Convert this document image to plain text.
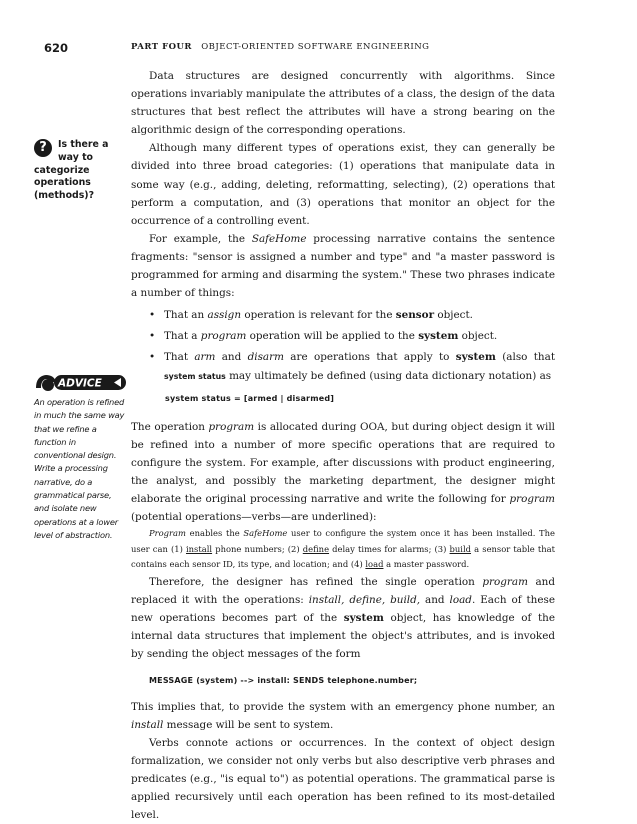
620	PART FOUR OBJECT-ORIENTED SOFTWARE ENGINEERING
?	Is there a
way to
categorize
operations
(methods)?
ADVICE
An operation is refined
in much the same way
that we refine a
function in
conventional design.
Write a processing
narrative, do a
grammatical parse,
and isolate new
operations at a lower
level of abstraction.

Data structures are designed concurrently with algorithms. Since operations invariably manipulate the attributes of a class, the design of the data structures that best reflect the attributes will have a strong bearing on the algorithmic design of the corresponding operations.

Although many different types of operations exist, they can generally be divided into three broad categories: (1) operations that manipulate data in some way (e.g., adding, deleting, reformatting, selecting), (2) operations that perform a computation, and (3) operations that monitor an object for the occurrence of a controlling event.

For example, the SafeHome processing narrative contains the sentence fragments: "sensor is assigned a number and type" and "a master password is programmed for arming and disarming the system." These two phrases indicate a number of things:

• That an assign operation is relevant for the sensor object.
• That a program operation will be applied to the system object.
• That arm and disarm are operations that apply to system (also that system status may ultimately be defined (using data dictionary notation) as
system status = [armed | disarmed]

The operation program is allocated during OOA, but during object design it will be refined into a number of more specific operations that are required to configure the system. For example, after discussions with product engineering, the analyst, and possibly the marketing department, the designer might elaborate the original processing narrative and write the following for program (potential operations—verbs—are underlined):

Program enables the SafeHome user to configure the system once it has been installed. The user can (1) install phone numbers; (2) define delay times for alarms; (3) build a sensor table that contains each sensor ID, its type, and location; and (4) load a master password.

Therefore, the designer has refined the single operation program and replaced it with the operations: install, define, build, and load. Each of these new operations becomes part of the system object, has knowledge of the internal data structures that implement the object's attributes, and is invoked by sending the object messages of the form

MESSAGE (system) --> install: SENDS telephone.number;

This implies that, to provide the system with an emergency phone number, an install message will be sent to system.

Verbs connote actions or occurrences. In the context of object design formalization, we consider not only verbs but also descriptive verb phrases and predicates (e.g., "is equal to") as potential operations. The grammatical parse is applied recursively until each operation has been refined to its most-detailed level.
